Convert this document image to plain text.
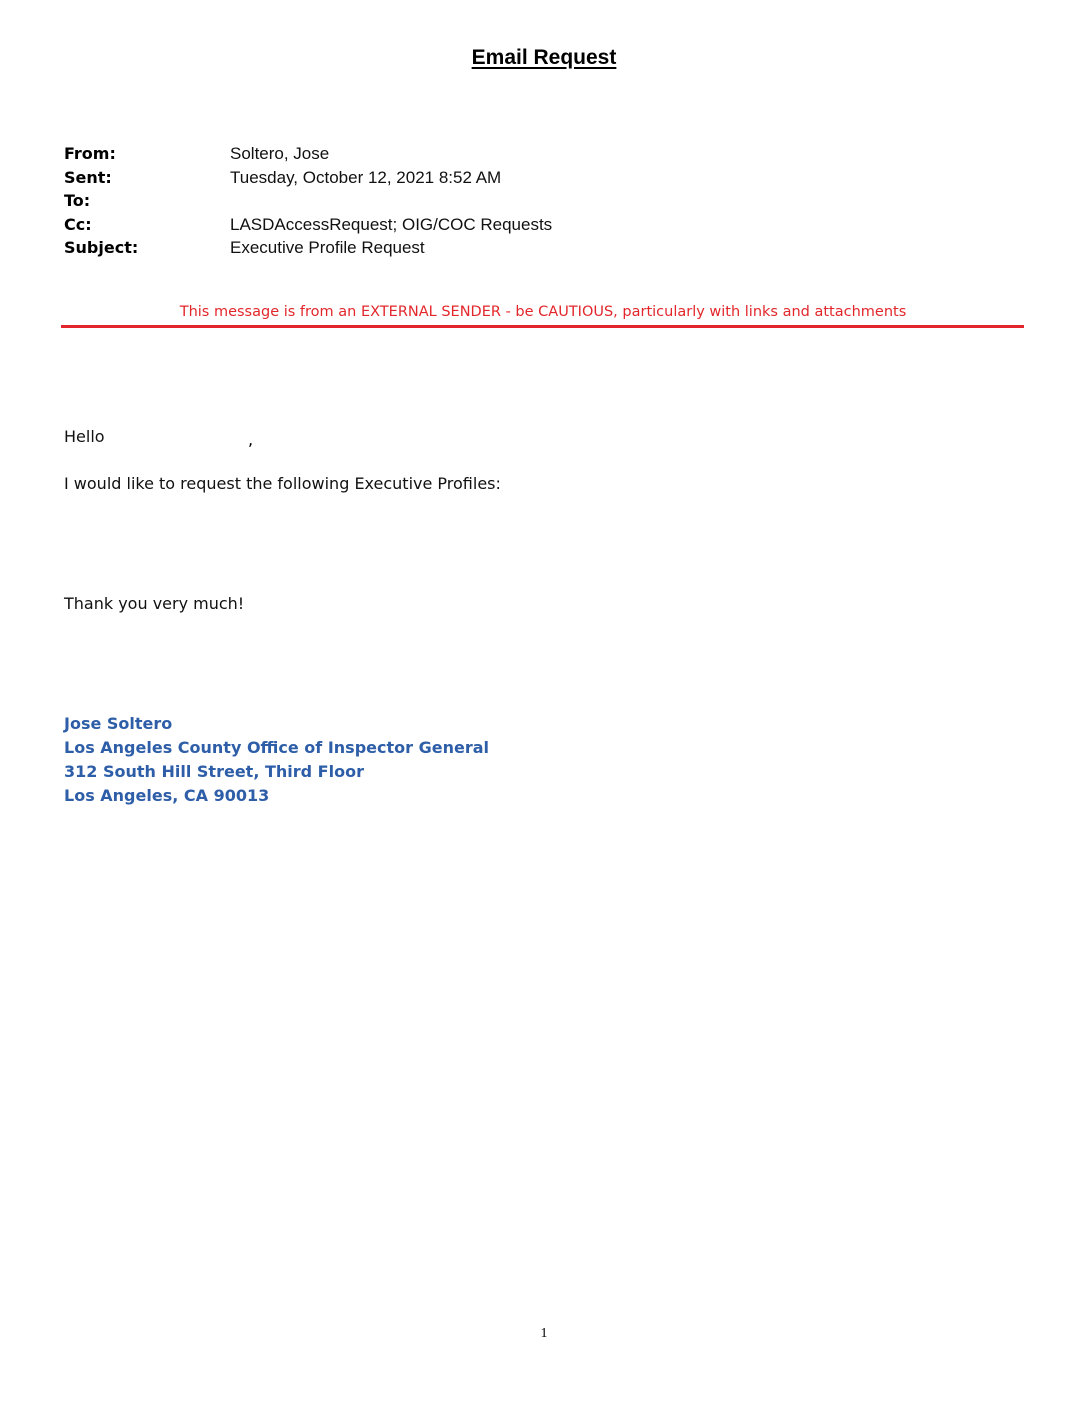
Email Request
From:	Soltero, Jose
Sent:	Tuesday, October 12, 2021 8:52 AM
To:
Cc:	LASDAccessRequest; OIG/COC Requests
Subject:	Executive Profile Request
This message is from an EXTERNAL SENDER - be CAUTIOUS, particularly with links and attachments
Hello	,
I would like to request the following Executive Profiles:
Thank you very much!
Jose Soltero
Los Angeles County Office of Inspector General
312 South Hill Street, Third Floor
Los Angeles, CA 90013
1
